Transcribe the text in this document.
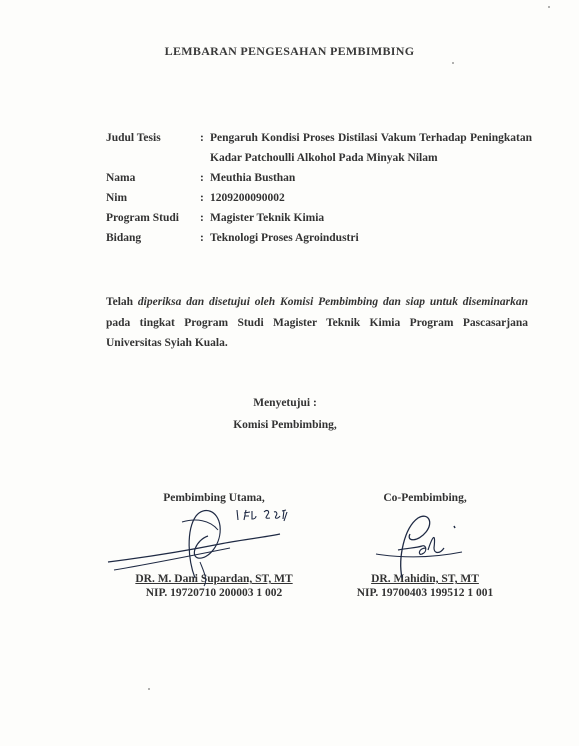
LEMBARAN PENGESAHAN PEMBIMBING
Judul Tesis	: Pengaruh Kondisi Proses Distilasi Vakum Terhadap Peningkatan Kadar Patchoulli Alkohol Pada Minyak Nilam
Nama	: Meuthia Busthan
Nim	: 1209200090002
Program Studi : Magister Teknik Kimia
Bidang	: Teknologi Proses Agroindustri
Telah diperiksa dan disetujui oleh Komisi Pembimbing dan siap untuk diseminarkan pada tingkat Program Studi Magister Teknik Kimia Program Pascasarjana Universitas Syiah Kuala.
Menyetujui :
Komisi Pembimbing,
Pembimbing Utama,
DR. M. Dani Supardan, ST, MT
NIP. 19720710 200003 1 002
Co-Pembimbing,
DR. Mahidin, ST, MT
NIP. 19700403 199512 1 001
